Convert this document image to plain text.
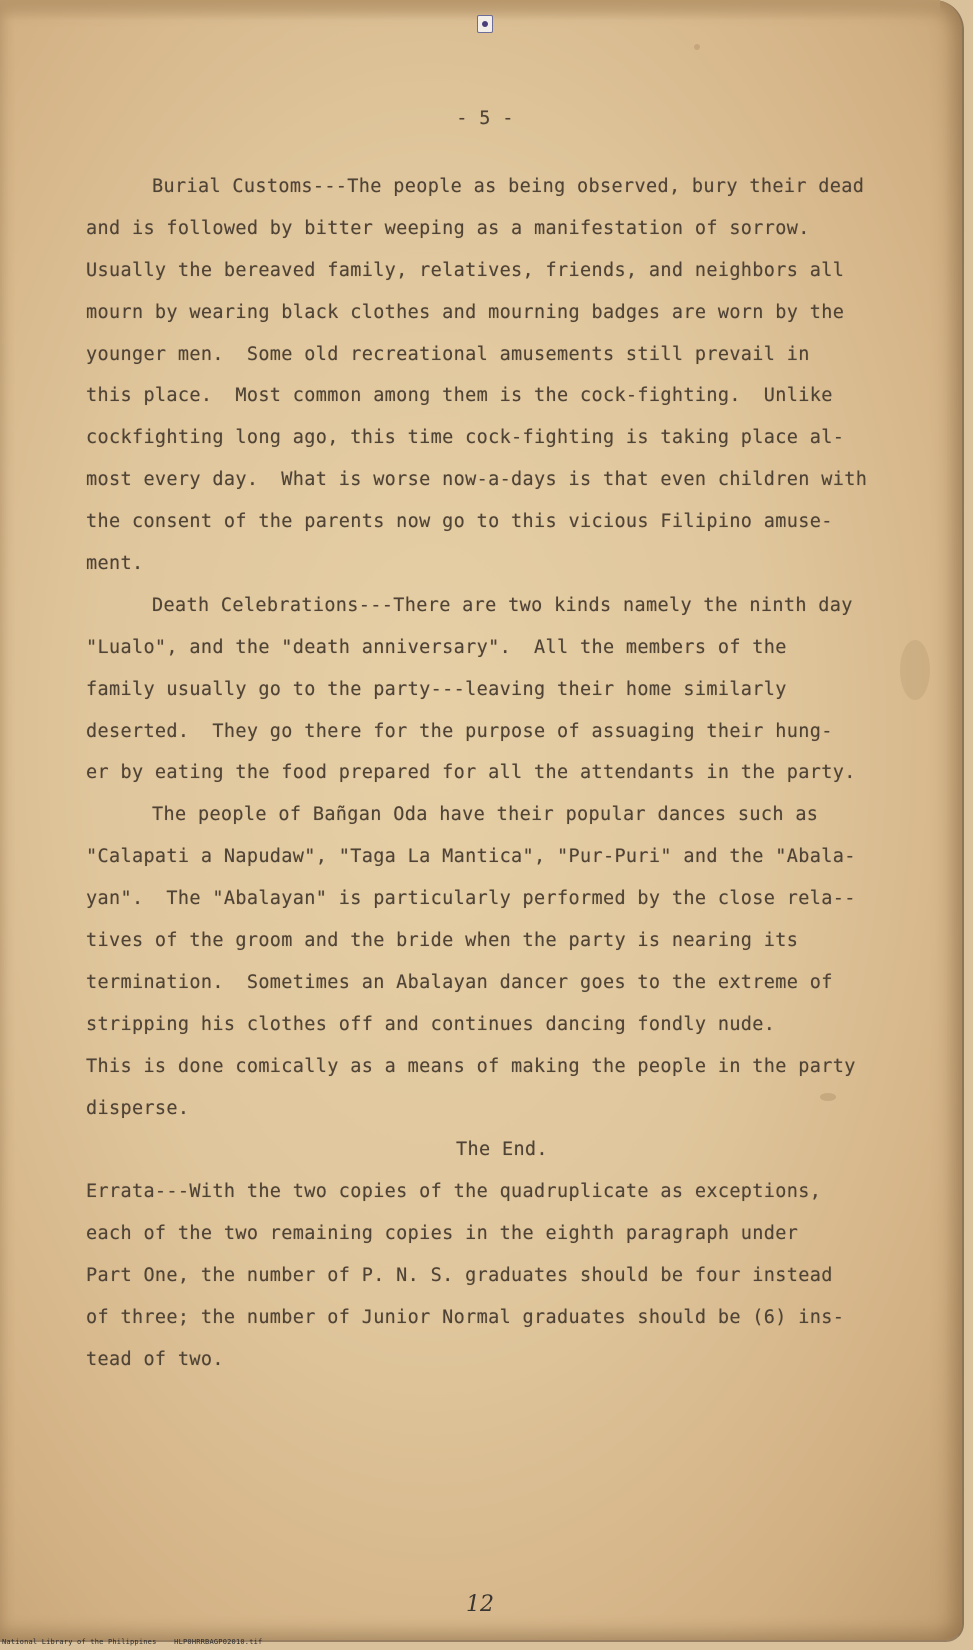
- 5 -

Burial Customs---The people as being observed, bury their dead
and is followed by bitter weeping as a manifestation of sorrow.
Usually the bereaved family, relatives, friends, and neighbors all
mourn by wearing black clothes and mourning badges are worn by the
younger men.  Some old recreational amusements still prevail in
this place.  Most common among them is the cock-fighting.  Unlike
cockfighting long ago, this time cock-fighting is taking place al-
most every day.  What is worse now-a-days is that even children with
the consent of the parents now go to this vicious Filipino amuse-
ment.
Death Celebrations---There are two kinds namely the ninth day
"Lualo", and the "death anniversary".  All the members of the
family usually go to the party---leaving their home similarly
deserted.  They go there for the purpose of assuaging their hung-
er by eating the food prepared for all the attendants in the party.
The people of Bañgan Oda have their popular dances such as
"Calapati a Napudaw", "Taga La Mantica", "Pur-Puri" and the "Abala-
yan".  The "Abalayan" is particularly performed by the close rela--
tives of the groom and the bride when the party is nearing its
termination.  Sometimes an Abalayan dancer goes to the extreme of
stripping his clothes off and continues dancing fondly nude.
This is done comically as a means of making the people in the party
disperse.
The End.
Errata---With the two copies of the quadruplicate as exceptions,
each of the two remaining copies in the eighth paragraph under
Part One, the number of P. N. S. graduates should be four instead
of three; the number of Junior Normal graduates should be (6) ins-
tead of two.
12
National Library of the Philippines    HLP0HRRBAGP02010.tif
